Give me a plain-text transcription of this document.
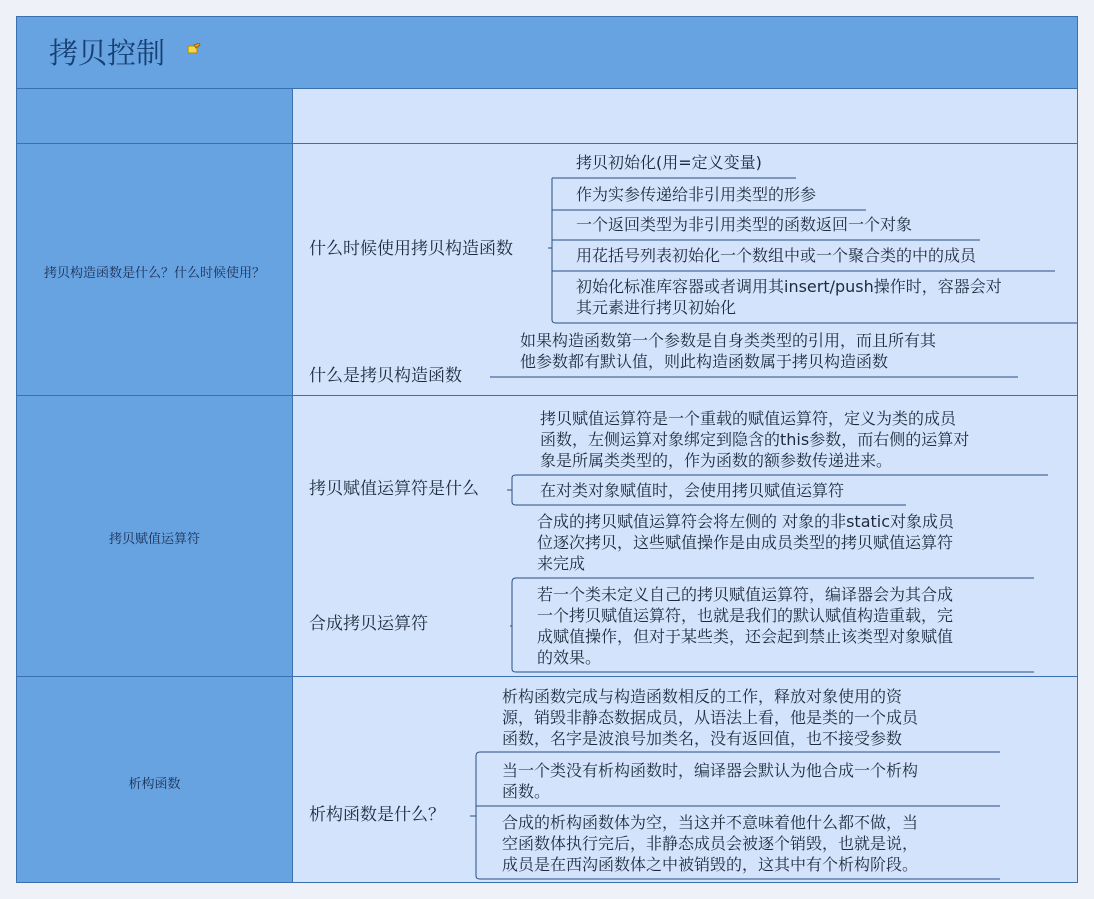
拷贝控制
拷贝构造函数是什么？什么时候使用？
拷贝赋值运算符
析构函数
什么时候使用拷贝构造函数
拷贝初始化(用=定义变量)
作为实参传递给非引用类型的形参
一个返回类型为非引用类型的函数返回一个对象
用花括号列表初始化一个数组中或一个聚合类的中的成员
初始化标准库容器或者调用其insert/push操作时，容器会对
其元素进行拷贝初始化
什么是拷贝构造函数
如果构造函数第一个参数是自身类类型的引用，而且所有其
他参数都有默认值，则此构造函数属于拷贝构造函数
拷贝赋值运算符是什么
拷贝赋值运算符是一个重载的赋值运算符，定义为类的成员
函数，左侧运算对象绑定到隐含的this参数，而右侧的运算对
象是所属类类型的，作为函数的额参数传递进来。
在对类对象赋值时，会使用拷贝赋值运算符
合成拷贝运算符
合成的拷贝赋值运算符会将左侧的 对象的非static对象成员
位逐次拷贝，这些赋值操作是由成员类型的拷贝赋值运算符
来完成
若一个类未定义自己的拷贝赋值运算符，编译器会为其合成
一个拷贝赋值运算符，也就是我们的默认赋值构造重载，完
成赋值操作，但对于某些类，还会起到禁止该类型对象赋值
的效果。
析构函数是什么？
析构函数完成与构造函数相反的工作，释放对象使用的资
源，销毁非静态数据成员，从语法上看，他是类的一个成员
函数，名字是波浪号加类名，没有返回值，也不接受参数
当一个类没有析构函数时，编译器会默认为他合成一个析构
函数。
合成的析构函数体为空，当这并不意味着他什么都不做，当
空函数体执行完后，非静态成员会被逐个销毁，也就是说，
成员是在西沟函数体之中被销毁的，这其中有个析构阶段。
